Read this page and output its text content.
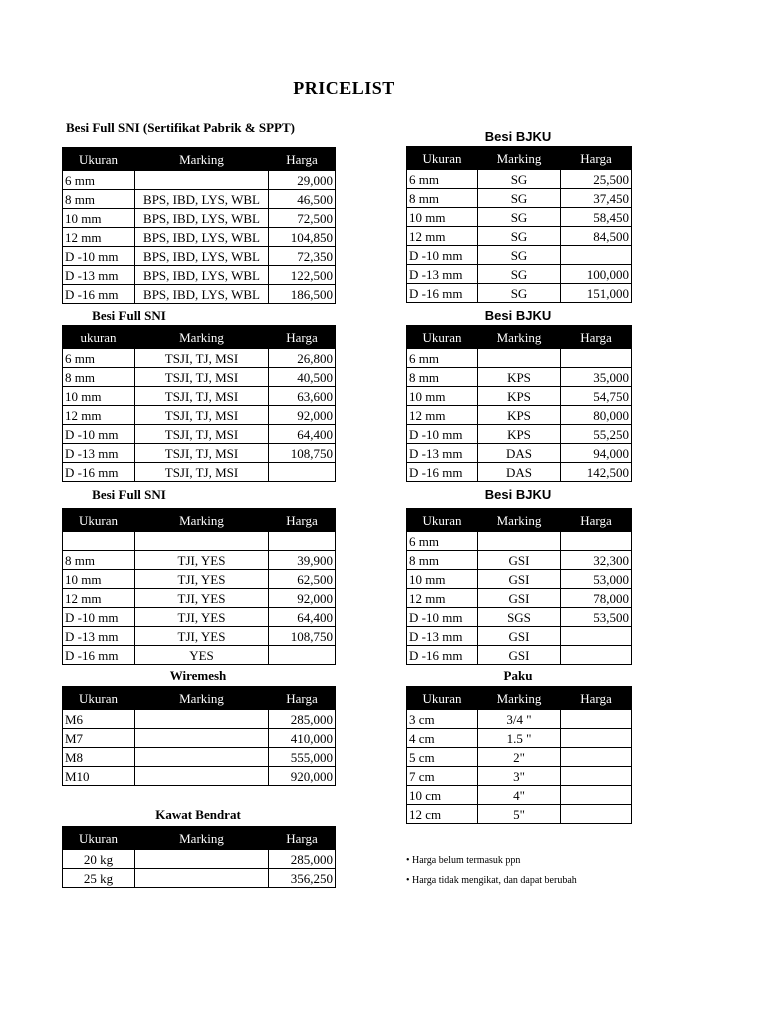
PRICELIST
Besi Full SNI (Sertifikat Pabrik & SPPT)
Besi BJKU
Besi Full SNI	Besi BJKU
Besi Full SNI	Besi BJKU
Wiremesh	Paku
Kawat Bendrat
Ukuran	Marking	Harga
6 mm		29,000
8 mm	BPS, IBD, LYS, WBL	46,500
10 mm	BPS, IBD, LYS, WBL	72,500
12 mm	BPS, IBD, LYS, WBL	104,850
D -10 mm	BPS, IBD, LYS, WBL	72,350
D -13 mm	BPS, IBD, LYS, WBL	122,500
D -16 mm	BPS, IBD, LYS, WBL	186,500
Ukuran	Marking	Harga
6 mm	SG	25,500
8 mm	SG	37,450
10 mm	SG	58,450
12 mm	SG	84,500
D -10 mm	SG	
D -13 mm	SG	100,000
D -16 mm	SG	151,000
ukuran	Marking	Harga
6 mm	TSJI, TJ, MSI	26,800
8 mm	TSJI, TJ, MSI	40,500
10 mm	TSJI, TJ, MSI	63,600
12 mm	TSJI, TJ, MSI	92,000
D -10 mm	TSJI, TJ, MSI	64,400
D -13 mm	TSJI, TJ, MSI	108,750
D -16 mm	TSJI, TJ, MSI	
Ukuran	Marking	Harga
6 mm		
8 mm	KPS	35,000
10 mm	KPS	54,750
12 mm	KPS	80,000
D -10 mm	KPS	55,250
D -13 mm	DAS	94,000
D -16 mm	DAS	142,500
Ukuran	Marking	Harga

8 mm	TJI, YES	39,900
10 mm	TJI, YES	62,500
12 mm	TJI, YES	92,000
D -10 mm	TJI, YES	64,400
D -13 mm	TJI, YES	108,750
D -16 mm	YES	
Ukuran	Marking	Harga
6 mm		
8 mm	GSI	32,300
10 mm	GSI	53,000
12 mm	GSI	78,000
D -10 mm	SGS	53,500
D -13 mm	GSI	
D -16 mm	GSI	
Ukuran	Marking	Harga
M6		285,000
M7		410,000
M8		555,000
M10		920,000
Ukuran	Marking	Harga
3 cm	3/4 "	
4 cm	1.5 "	
5 cm	2"	
7 cm	3"	
10 cm	4"	
12 cm	5"	
Ukuran	Marking	Harga
20 kg		285,000
25 kg		356,250
• Harga belum termasuk ppn
• Harga tidak mengikat, dan dapat berubah
